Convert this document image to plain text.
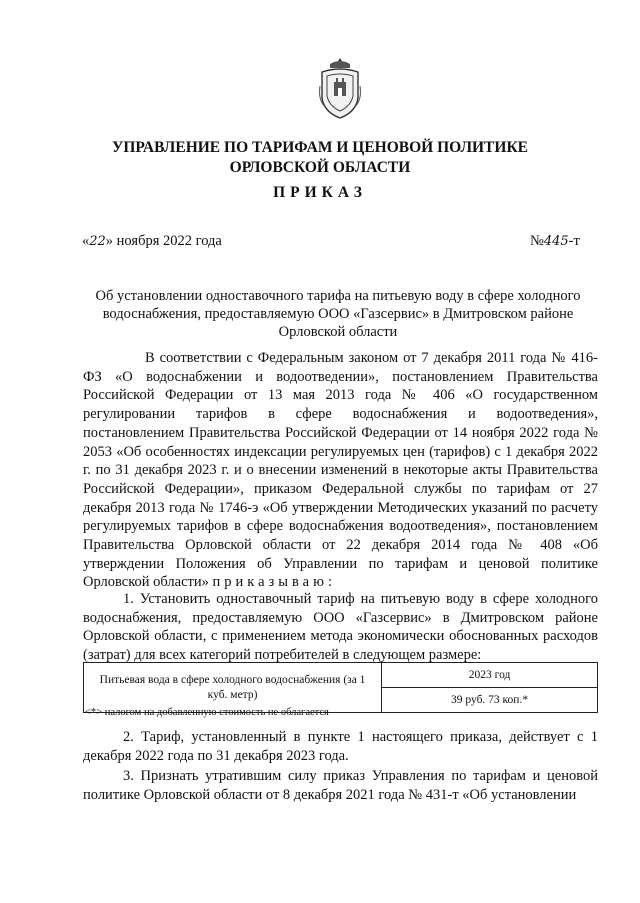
УПРАВЛЕНИЕ ПО ТАРИФАМ И ЦЕНОВОЙ ПОЛИТИКЕ
ОРЛОВСКОЙ ОБЛАСТИ
ПРИКАЗ
«22» ноября 2022 года	№445-т
Об установлении одноставочного тарифа на питьевую воду в сфере холодного водоснабжения, предоставляемую ООО «Газсервис» в Дмитровском районе Орловской области
В соответствии с Федеральным законом от 7 декабря 2011 года № 416-ФЗ «О водоснабжении и водоотведении», постановлением Правительства Российской Федерации от 13 мая 2013 года № 406 «О государственном регулировании тарифов в сфере водоснабжения и водоотведения», постановлением Правительства Российской Федерации от 14 ноября 2022 года № 2053 «Об особенностях индексации регулируемых цен (тарифов) с 1 декабря 2022 г. по 31 декабря 2023 г. и о внесении изменений в некоторые акты Правительства Российской Федерации», приказом Федеральной службы по тарифам от 27 декабря 2013 года № 1746-э «Об утверждении Методических указаний по расчету регулируемых тарифов в сфере водоснабжения водоотведения», постановлением Правительства Орловской области от 22 декабря 2014 года № 408 «Об утверждении Положения об Управлении по тарифам и ценовой политике Орловской области» приказываю:
1. Установить одноставочный тариф на питьевую воду в сфере холодного водоснабжения, предоставляемую ООО «Газсервис» в Дмитровском районе Орловской области, с применением метода экономически обоснованных расходов (затрат) для всех категорий потребителей в следующем размере:
Питьевая вода в сфере холодного водоснабжения (за 1 куб. метр)	2023 год
39 руб. 73 коп.*
<*> налогом на добавленную стоимость не облагается
2. Тариф, установленный в пункте 1 настоящего приказа, действует с 1 декабря 2022 года по 31 декабря 2023 года.
3. Признать утратившим силу приказ Управления по тарифам и ценовой политике Орловской области от 8 декабря 2021 года № 431-т «Об установлении
